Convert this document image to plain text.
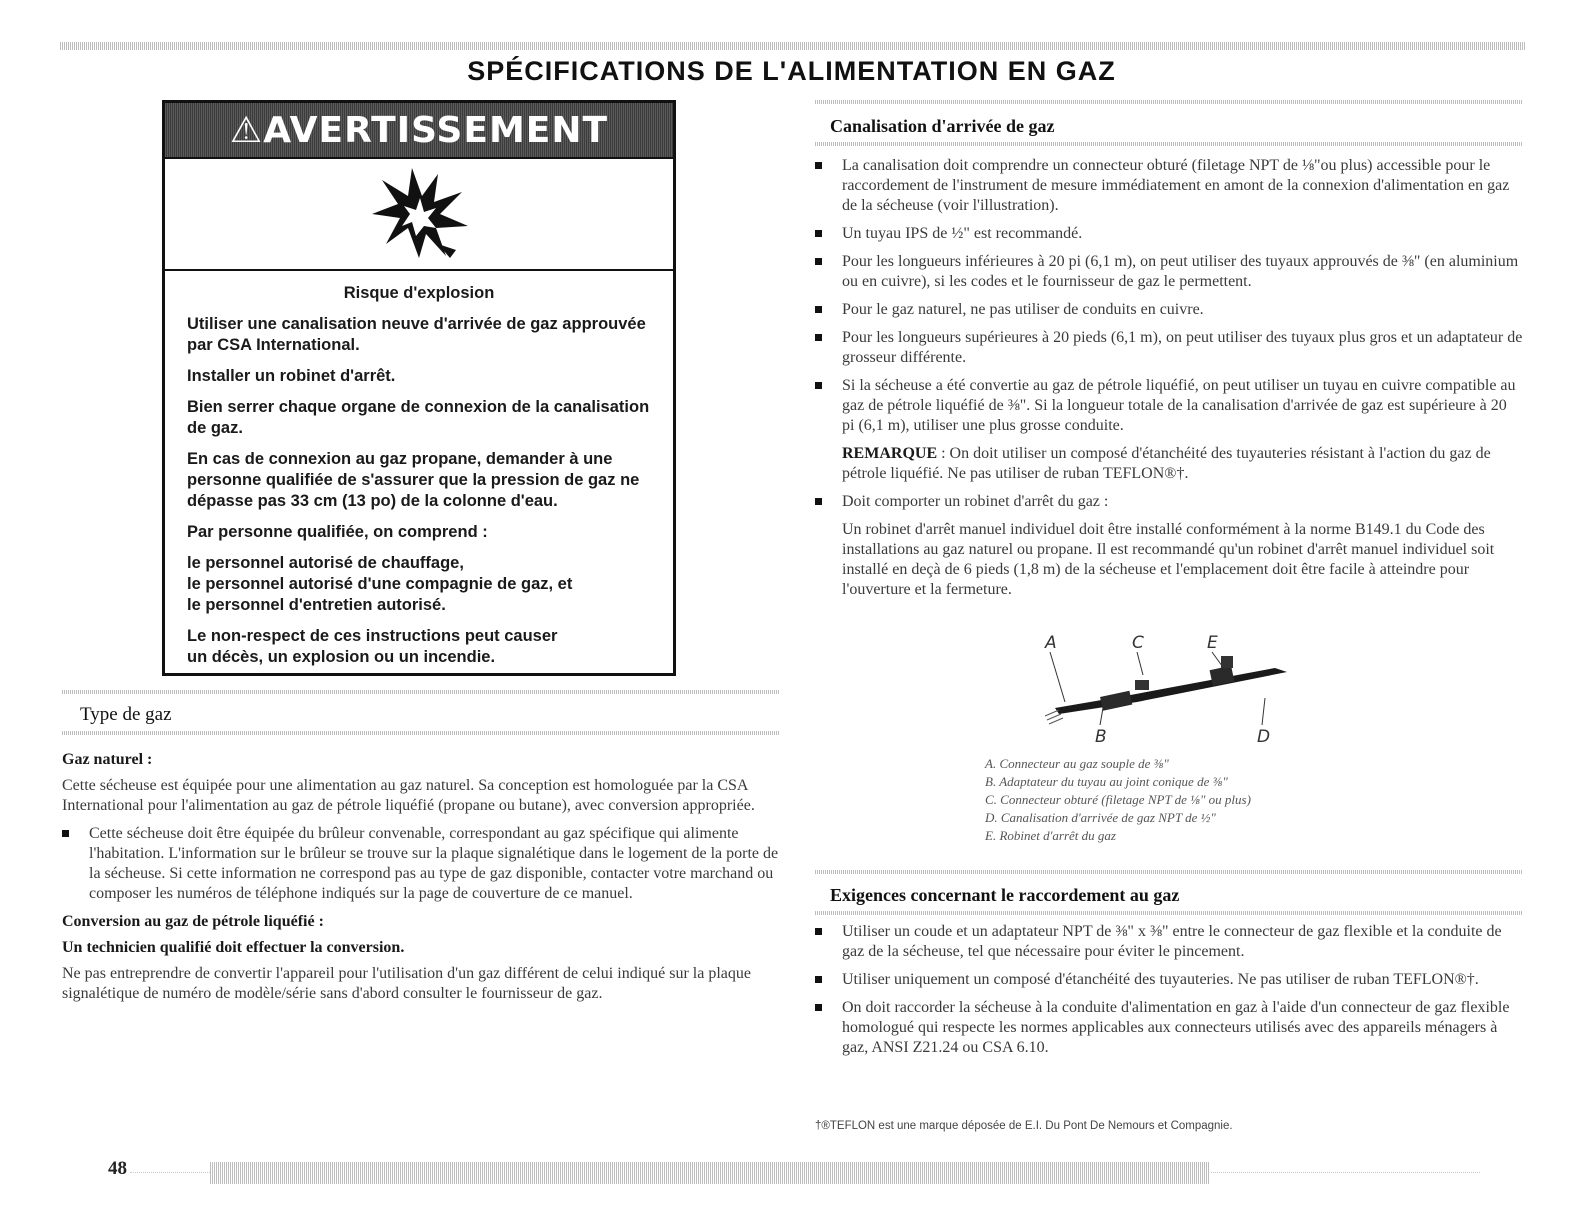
SPÉCIFICATIONS DE L'ALIMENTATION EN GAZ
⚠AVERTISSEMENT

Risque d'explosion

Utiliser une canalisation neuve d'arrivée de gaz approuvée par CSA International.

Installer un robinet d'arrêt.

Bien serrer chaque organe de connexion de la canalisation de gaz.

En cas de connexion au gaz propane, demander à une personne qualifiée de s'assurer que la pression de gaz ne dépasse pas 33 cm (13 po) de la colonne d'eau.

Par personne qualifiée, on comprend :

le personnel autorisé de chauffage,
le personnel autorisé d'une compagnie de gaz, et

le personnel d'entretien autorisé.

Le non-respect de ces instructions peut causer
un décès, un explosion ou un incendie.
Type de gaz

Gaz naturel :

Cette sécheuse est équipée pour une alimentation au gaz naturel. Sa conception est homologuée par la CSA International pour l'alimentation au gaz de pétrole liquéfié (propane ou butane), avec conversion appropriée.

Cette sécheuse doit être équipée du brûleur convenable, correspondant au gaz spécifique qui alimente l'habitation. L'information sur le brûleur se trouve sur la plaque signalétique dans le logement de la porte de la sécheuse. Si cette information ne correspond pas au type de gaz disponible, contacter votre marchand ou composer les numéros de téléphone indiqués sur la page de couverture de ce manuel.

Conversion au gaz de pétrole liquéfié :

Un technicien qualifié doit effectuer la conversion.

Ne pas entreprendre de convertir l'appareil pour l'utilisation d'un gaz différent de celui indiqué sur la plaque signalétique de numéro de modèle/série sans d'abord consulter le fournisseur de gaz.

Canalisation d'arrivée de gaz
La canalisation doit comprendre un connecteur obturé (filetage NPT de ⅛"ou plus) accessible pour le raccordement de l'instrument de mesure immédiatement en amont de la connexion d'alimentation en gaz de la sécheuse (voir l'illustration).
Un tuyau IPS de ½" est recommandé.
Pour les longueurs inférieures à 20 pi (6,1 m), on peut utiliser des tuyaux approuvés de ⅜" (en aluminium ou en cuivre), si les codes et le fournisseur de gaz le permettent.
Pour le gaz naturel, ne pas utiliser de conduits en cuivre.
Pour les longueurs supérieures à 20 pieds (6,1 m), on peut utiliser des tuyaux plus gros et un adaptateur de grosseur différente.
Si la sécheuse a été convertie au gaz de pétrole liquéfié, on peut utiliser un tuyau en cuivre compatible au gaz de pétrole liquéfié de ⅜". Si la longueur totale de la canalisation d'arrivée de gaz est supérieure à 20 pi (6,1 m), utiliser une plus grosse conduite.

REMARQUE : On doit utiliser un composé d'étanchéité des tuyauteries résistant à l'action du gaz de pétrole liquéfié. Ne pas utiliser de ruban TEFLON®†.

Doit comporter un robinet d'arrêt du gaz :

Un robinet d'arrêt manuel individuel doit être installé conformément à la norme B149.1 du Code des installations au gaz naturel ou propane. Il est recommandé qu'un robinet d'arrêt manuel individuel soit installé en deçà de 6 pieds (1,8 m) de la sécheuse et l'emplacement doit être facile à atteindre pour l'ouverture et la fermeture.

A	C	E
B	D
A. Connecteur au gaz souple de ⅜"
B. Adaptateur du tuyau au joint conique de ⅜"
C. Connecteur obturé (filetage NPT de ⅛" ou plus)
D. Canalisation d'arrivée de gaz NPT de ½"
E. Robinet d'arrêt du gaz
Exigences concernant le raccordement au gaz
Utiliser un coude et un adaptateur NPT de ⅜" x ⅜" entre le connecteur de gaz flexible et la conduite de gaz de la sécheuse, tel que nécessaire pour éviter le pincement.
Utiliser uniquement un composé d'étanchéité des tuyauteries. Ne pas utiliser de ruban TEFLON®†.
On doit raccorder la sécheuse à la conduite d'alimentation en gaz à l'aide d'un connecteur de gaz flexible homologué qui respecte les normes applicables aux connecteurs utilisés avec des appareils ménagers à gaz, ANSI Z21.24 ou CSA 6.10.
†®TEFLON est une marque déposée de E.I. Du Pont De Nemours et Compagnie.
48
